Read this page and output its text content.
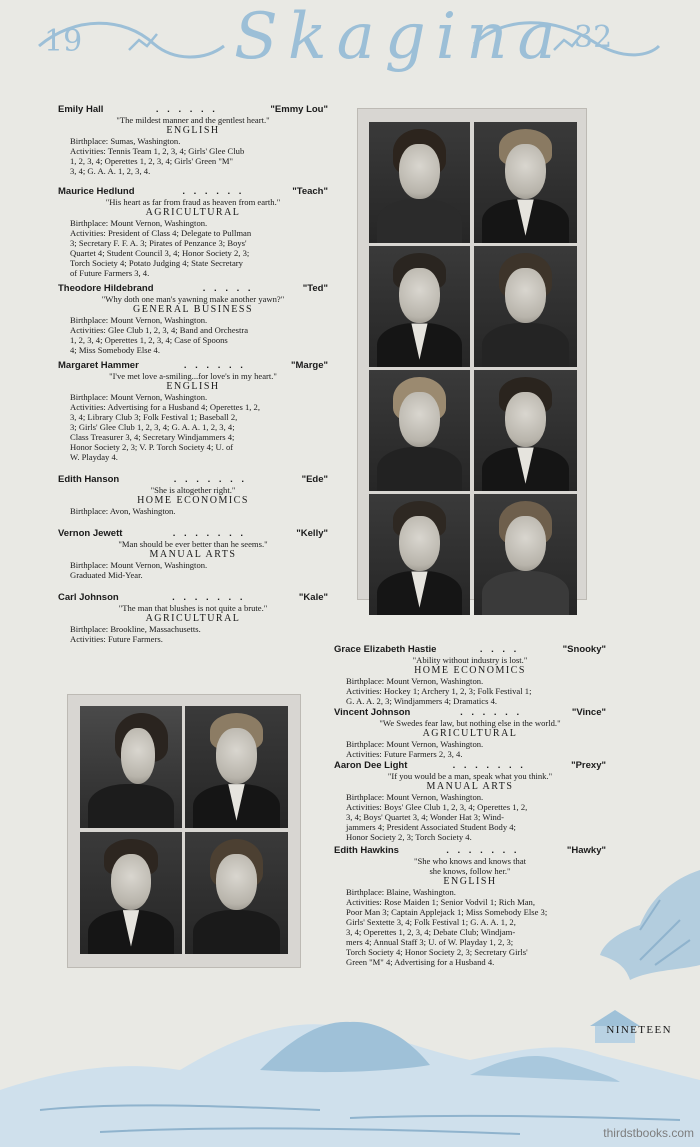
19 Skagina 32
Emily Hall	. . . . . .	"Emmy Lou"
"The mildest manner and the gentlest heart."
ENGLISH
Birthplace: Sumas, Washington.
Activities: Tennis Team 1, 2, 3, 4; Girls' Glee Club
1, 2, 3, 4; Operettes 1, 2, 3, 4; Girls' Green "M"
3, 4; G. A. A. 1, 2, 3, 4.
Maurice Hedlund	. . . . . .	"Teach"
"His heart as far from fraud as heaven from earth."
AGRICULTURAL
Birthplace: Mount Vernon, Washington.
Activities: President of Class 4; Delegate to Pullman
3; Secretary F. F. A. 3; Pirates of Penzance 3; Boys'
Quartet 4; Student Council 3, 4; Honor Society 2, 3;
Torch Society 4; Potato Judging 4; State Secretary
of Future Farmers 3, 4.
Theodore Hildebrand	. . . . .	"Ted"
"Why doth one man's yawning make another yawn?"
GENERAL BUSINESS
Birthplace: Mount Vernon, Washington.
Activities: Glee Club 1, 2, 3, 4; Band and Orchestra
1, 2, 3, 4; Operettes 1, 2, 3, 4; Case of Spoons
4; Miss Somebody Else 4.
Margaret Hammer	. . . . . .	"Marge"
"I've met love a-smiling...for love's in my heart."
ENGLISH
Birthplace: Mount Vernon, Washington.
Activities: Advertising for a Husband 4; Operettes 1, 2,
3, 4; Library Club 3; Folk Festival 1; Baseball 2,
3; Girls' Glee Club 1, 2, 3, 4; G. A. A. 1, 2, 3, 4;
Class Treasurer 3, 4; Secretary Windjammers 4;
Honor Society 2, 3; V. P. Torch Society 4; U. of
W. Playday 4.
Edith Hanson	. . . . . . .	"Ede"
"She is altogether right."
HOME ECONOMICS
Birthplace: Avon, Washington.
Vernon Jewett	. . . . . . .	"Kelly"
"Man should be ever better than he seems."
MANUAL ARTS
Birthplace: Mount Vernon, Washington.
Graduated Mid-Year.
Carl Johnson	. . . . . . .	"Kale"
"The man that blushes is not quite a brute."
AGRICULTURAL
Birthplace: Brookline, Massachusetts.
Activities: Future Farmers.
Grace Elizabeth Hastie	. . . .	"Snooky"
"Ability without industry is lost."
HOME ECONOMICS
Birthplace: Mount Vernon, Washington.
Activities: Hockey 1; Archery 1, 2, 3; Folk Festival 1;
G. A. A. 2, 3; Windjammers 4; Dramatics 4.
Vincent Johnson	. . . . . .	"Vince"
"We Swedes fear law, but nothing else in the world."
AGRICULTURAL
Birthplace: Mount Vernon, Washington.
Activities: Future Farmers 2, 3, 4.
Aaron Dee Light	. . . . . . .	"Prexy"
"If you would be a man, speak what you think."
MANUAL ARTS
Birthplace: Mount Vernon, Washington.
Activities: Boys' Glee Club 1, 2, 3, 4; Operettes 1, 2,
3, 4; Boys' Quartet 3, 4; Wonder Hat 3; Wind-
jammers 4; President Associated Student Body 4;
Honor Society 2, 3; Torch Society 4.
Edith Hawkins	. . . . . . .	"Hawky"
"She who knows and knows that
she knows, follow her."
ENGLISH
Birthplace: Blaine, Washington.
Activities: Rose Maiden 1; Senior Vodvil 1; Rich Man,
Poor Man 3; Captain Applejack 1; Miss Somebody Else 3;
Girls' Sextette 3, 4; Folk Festival 1; G. A. A. 1, 2,
3, 4; Operettes 1, 2, 3, 4; Debate Club; Windjam-
mers 4; Annual Staff 3; U. of W. Playday 1, 2, 3;
Torch Society 4; Honor Society 2, 3; Secretary Girls'
Green "M" 4; Advertising for a Husband 4.
NINETEEN
thirdstbooks.com
